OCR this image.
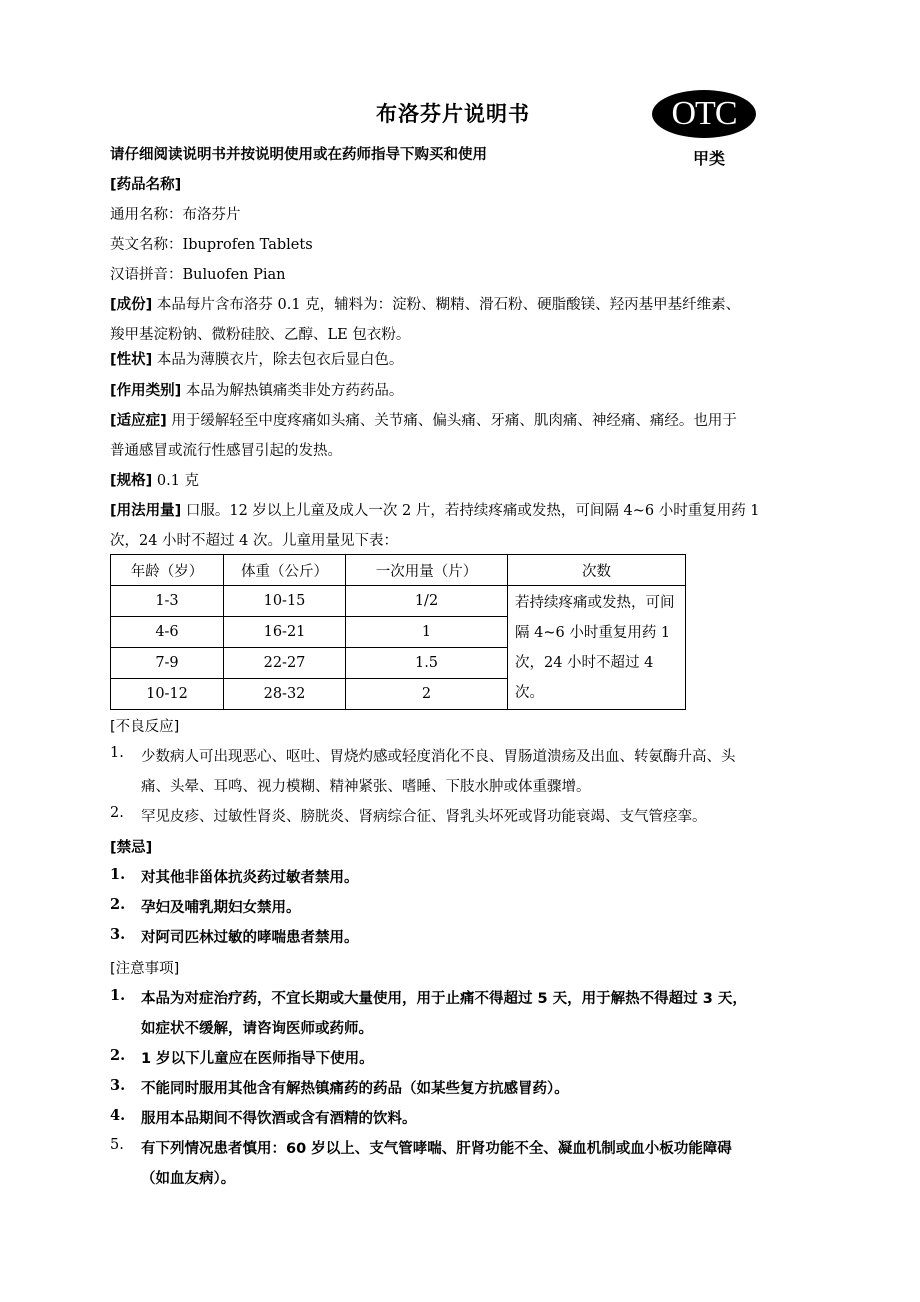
布洛芬片说明书	OTC
甲类
请仔细阅读说明书并按说明使用或在药师指导下购买和使用
[药品名称]
通用名称：布洛芬片
英文名称：Ibuprofen Tablets
汉语拼音：Buluofen Pian
[成份] 本品每片含布洛芬 0.1 克，辅料为：淀粉、糊精、滑石粉、硬脂酸镁、羟丙基甲基纤维素、
羧甲基淀粉钠、微粉硅胶、乙醇、LE 包衣粉。
[性状] 本品为薄膜衣片，除去包衣后显白色。
[作用类别] 本品为解热镇痛类非处方药药品。
[适应症] 用于缓解轻至中度疼痛如头痛、关节痛、偏头痛、牙痛、肌肉痛、神经痛、痛经。也用于
普通感冒或流行性感冒引起的发热。
[规格] 0.1 克
[用法用量] 口服。12 岁以上儿童及成人一次 2 片，若持续疼痛或发热，可间隔 4~6 小时重复用药 1
次，24 小时不超过 4 次。儿童用量见下表：
年龄（岁）	体重（公斤）	一次用量（片）	次数
1-3	10-15	1/2	若持续疼痛或发热，可间隔 4~6 小时重复用药 1 次，24 小时不超过 4 次。
4-6	16-21	1	
7-9	22-27	1.5	
10-12	28-32	2	
[不良反应]
1. 少数病人可出现恶心、呕吐、胃烧灼感或轻度消化不良、胃肠道溃疡及出血、转氨酶升高、头
痛、头晕、耳鸣、视力模糊、精神紧张、嗜睡、下肢水肿或体重骤增。
2. 罕见皮疹、过敏性肾炎、膀胱炎、肾病综合征、肾乳头坏死或肾功能衰竭、支气管痉挛。
[禁忌]
1. 对其他非甾体抗炎药过敏者禁用。
2. 孕妇及哺乳期妇女禁用。
3. 对阿司匹林过敏的哮喘患者禁用。
[注意事项]
1. 本品为对症治疗药，不宜长期或大量使用，用于止痛不得超过 5 天，用于解热不得超过 3 天，
如症状不缓解，请咨询医师或药师。
2. 1 岁以下儿童应在医师指导下使用。
3. 不能同时服用其他含有解热镇痛药的药品（如某些复方抗感冒药）。
4. 服用本品期间不得饮酒或含有酒精的饮料。
5. 有下列情况患者慎用：60 岁以上、支气管哮喘、肝肾功能不全、凝血机制或血小板功能障碍
（如血友病）。
